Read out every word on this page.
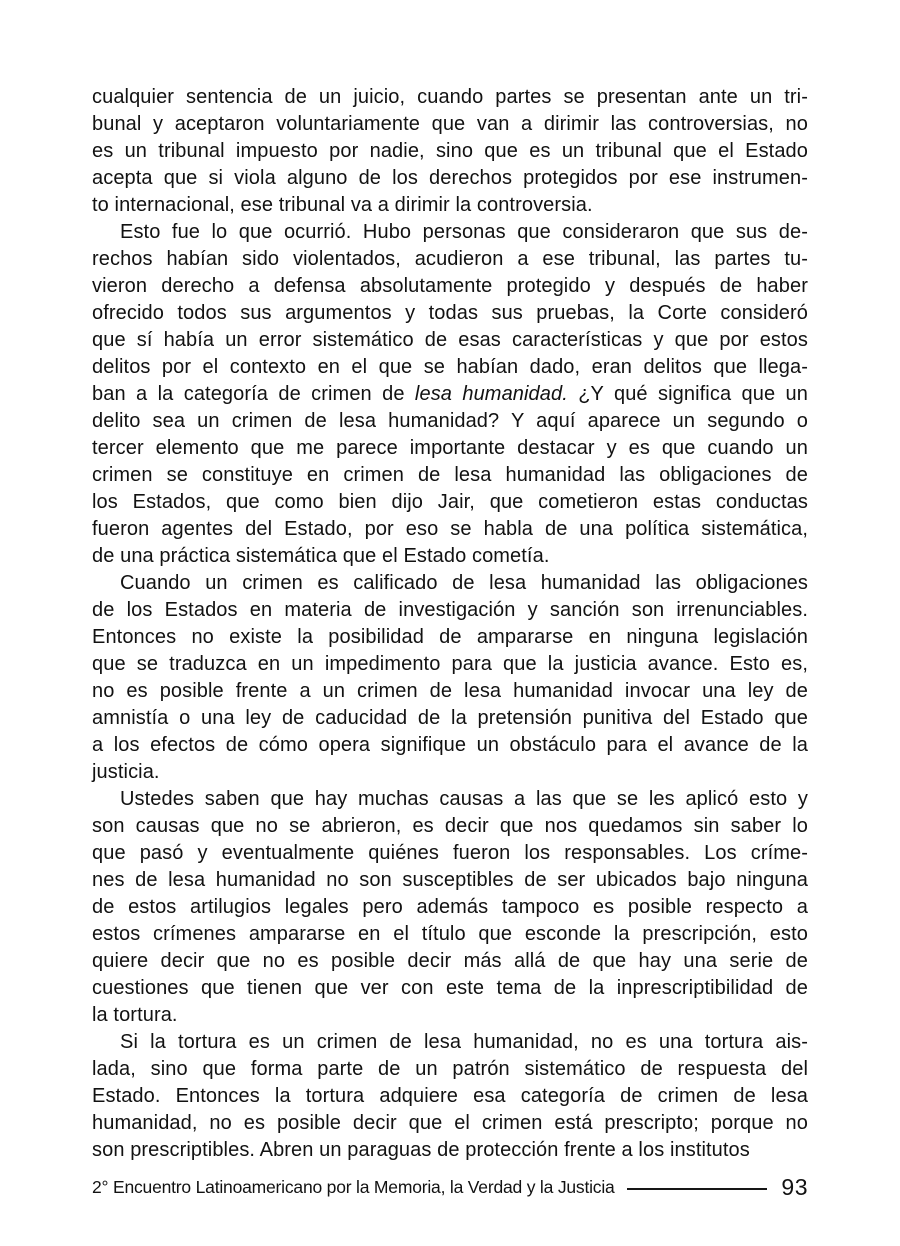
cualquier sentencia de un juicio, cuando partes se presentan ante un tri-
bunal y aceptaron voluntariamente que van a dirimir las controversias, no
es un tribunal impuesto por nadie, sino que es un tribunal que el Estado
acepta que si viola alguno de los derechos protegidos por ese instrumen-
to internacional, ese tribunal va a dirimir la controversia.
Esto fue lo que ocurrió. Hubo personas que consideraron que sus de-
rechos habían sido violentados, acudieron a ese tribunal, las partes tu-
vieron derecho a defensa absolutamente protegido y después de haber
ofrecido todos sus argumentos y todas sus pruebas, la Corte consideró
que sí había un error sistemático de esas características y que por estos
delitos por el contexto en el que se habían dado, eran delitos que llega-
ban a la categoría de crimen de lesa humanidad. ¿Y qué significa que un
delito sea un crimen de lesa humanidad? Y aquí aparece un segundo o
tercer elemento que me parece importante destacar y es que cuando un
crimen se constituye en crimen de lesa humanidad las obligaciones de
los Estados, que como bien dijo Jair, que cometieron estas conductas
fueron agentes del Estado, por eso se habla de una política sistemática,
de una práctica sistemática que el Estado cometía.
Cuando un crimen es calificado de lesa humanidad las obligaciones
de los Estados en materia de investigación y sanción son irrenunciables.
Entonces no existe la posibilidad de ampararse en ninguna legislación
que se traduzca en un impedimento para que la justicia avance. Esto es,
no es posible frente a un crimen de lesa humanidad invocar una ley de
amnistía o una ley de caducidad de la pretensión punitiva del Estado que
a los efectos de cómo opera signifique un obstáculo para el avance de la
justicia.
Ustedes saben que hay muchas causas a las que se les aplicó esto y
son causas que no se abrieron, es decir que nos quedamos sin saber lo
que pasó y eventualmente quiénes fueron los responsables. Los críme-
nes de lesa humanidad no son susceptibles de ser ubicados bajo ninguna
de estos artilugios legales pero además tampoco es posible respecto a
estos crímenes ampararse en el título que esconde la prescripción, esto
quiere decir que no es posible decir más allá de que hay una serie de
cuestiones que tienen que ver con este tema de la inprescriptibilidad de
la tortura.
Si la tortura es un crimen de lesa humanidad, no es una tortura ais-
lada, sino que forma parte de un patrón sistemático de respuesta del
Estado. Entonces la tortura adquiere esa categoría de crimen de lesa
humanidad, no es posible decir que el crimen está prescripto; porque no
son prescriptibles. Abren un paraguas de protección frente a los institutos
2° Encuentro Latinoamericano por la Memoria, la Verdad y la Justicia	93
